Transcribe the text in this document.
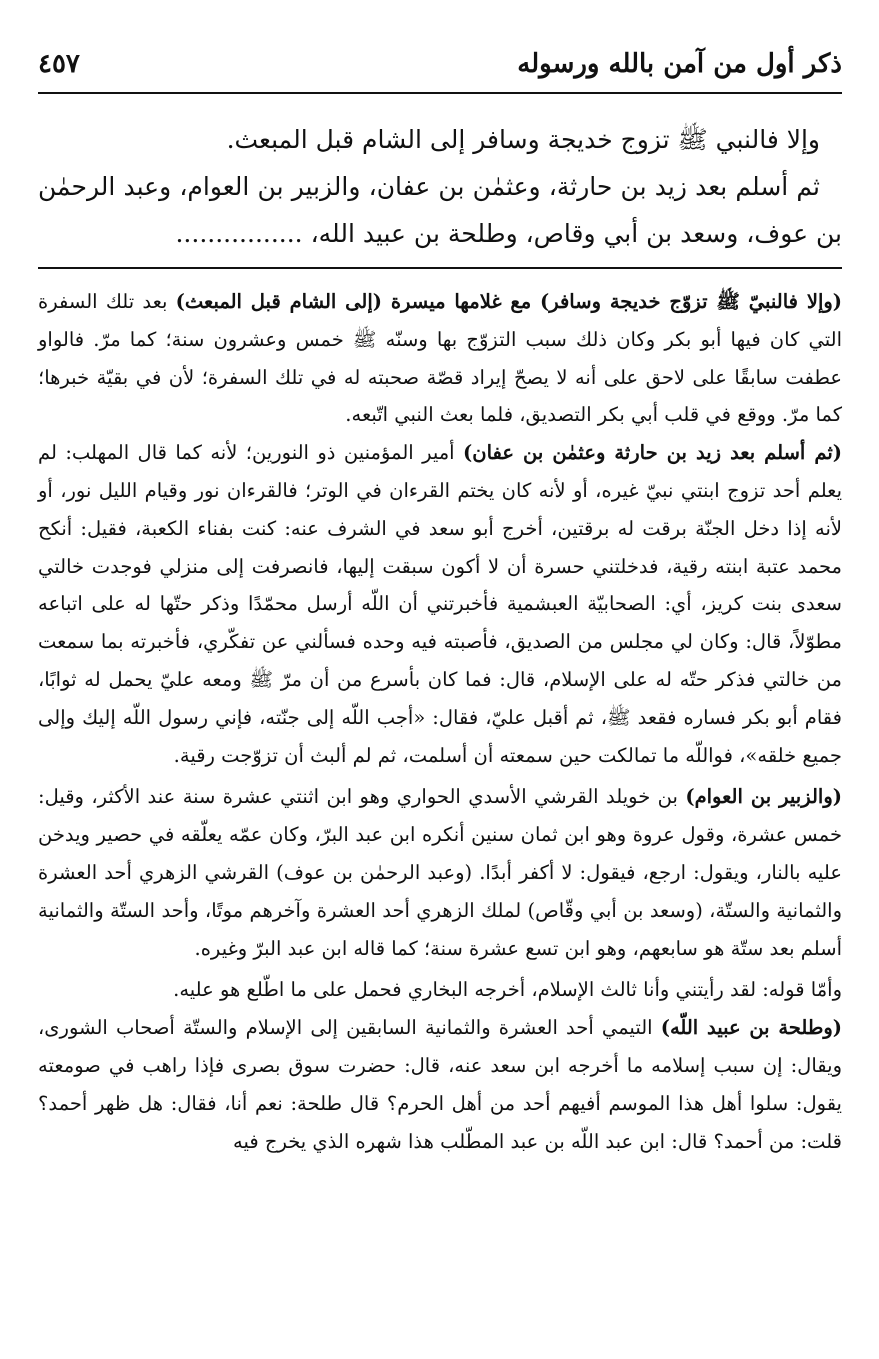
ذكر أول من آمن بالله ورسوله
٤٥٧

وإلا فالنبي ﷺ تزوج خديجة وسافر إلى الشام قبل المبعث.

ثم أسلم بعد زيد بن حارثة، وعثمٰن بن عفان، والزبير بن العوام، وعبد الرحمٰن بن عوف، وسعد بن أبي وقاص، وطلحة بن عبيد الله، ................

(وإلا فالنبيّ ﷺ تزوّج خديجة وسافر) مع غلامها ميسرة (إلى الشام قبل المبعث) بعد تلك السفرة التي كان فيها أبو بكر وكان ذلك سبب التزوّج بها وسنّه ﷺ خمس وعشرون سنة؛ كما مرّ. فالواو عطفت سابقًا على لاحق على أنه لا يصحّ إيراد قصّة صحبته له في تلك السفرة؛ لأن في بقيّة خبرها؛ كما مرّ. ووقع في قلب أبي بكر التصديق، فلما بعث النبي اتّبعه.

(ثم أسلم بعد زيد بن حارثة وعثمٰن بن عفان) أمير المؤمنين ذو النورين؛ لأنه كما قال المهلب: لم يعلم أحد تزوج ابنتي نبيّ غيره، أو لأنه كان يختم القرءان في الوتر؛ فالقرءان نور وقيام الليل نور، أو لأنه إذا دخل الجنّة برقت له برقتين، أخرج أبو سعد في الشرف عنه: كنت بفناء الكعبة، فقيل: أنكح محمد عتبة ابنته رقية، فدخلتني حسرة أن لا أكون سبقت إليها، فانصرفت إلى منزلي فوجدت خالتي سعدى بنت كريز، أي: الصحابيّة العبشمية فأخبرتني أن اللّه أرسل محمّدًا وذكر حتّها له على اتباعه مطوّلاً، قال: وكان لي مجلس من الصديق، فأصبته فيه وحده فسألني عن تفكّري، فأخبرته بما سمعت من خالتي فذكر حتّه له على الإسلام، قال: فما كان بأسرع من أن مرّ ﷺ ومعه عليّ يحمل له ثوابًا، فقام أبو بكر فساره فقعد ﷺ، ثم أقبل عليّ، فقال: «أجب اللّه إلى جنّته، فإني رسول اللّه إليك وإلى جميع خلقه»، فواللّه ما تمالكت حين سمعته أن أسلمت، ثم لم ألبث أن تزوّجت رقية.

(والزبير بن العوام) بن خويلد القرشي الأسدي الحواري وهو ابن اثنتي عشرة سنة عند الأكثر، وقيل: خمس عشرة، وقول عروة وهو ابن ثمان سنين أنكره ابن عبد البرّ، وكان عمّه يعلّقه في حصير ويدخن عليه بالنار، ويقول: ارجع، فيقول: لا أكفر أبدًا. (وعبد الرحمٰن بن عوف) القرشي الزهري أحد العشرة والثمانية والستّة، (وسعد بن أبي وقّاص) لملك الزهري أحد العشرة وآخرهم موتًا، وأحد الستّة والثمانية أسلم بعد ستّة هو سابعهم، وهو ابن تسع عشرة سنة؛ كما قاله ابن عبد البرّ وغيره.

وأمّا قوله: لقد رأيتني وأنا ثالث الإسلام، أخرجه البخاري فحمل على ما اطّلع هو عليه.

(وطلحة بن عبيد اللّه) التيمي أحد العشرة والثمانية السابقين إلى الإسلام والستّة أصحاب الشورى، ويقال: إن سبب إسلامه ما أخرجه ابن سعد عنه، قال: حضرت سوق بصرى فإذا راهب في صومعته يقول: سلوا أهل هذا الموسم أفيهم أحد من أهل الحرم؟ قال طلحة: نعم أنا، فقال: هل ظهر أحمد؟ قلت: من أحمد؟ قال: ابن عبد اللّه بن عبد المطّلب هذا شهره الذي يخرج فيه
